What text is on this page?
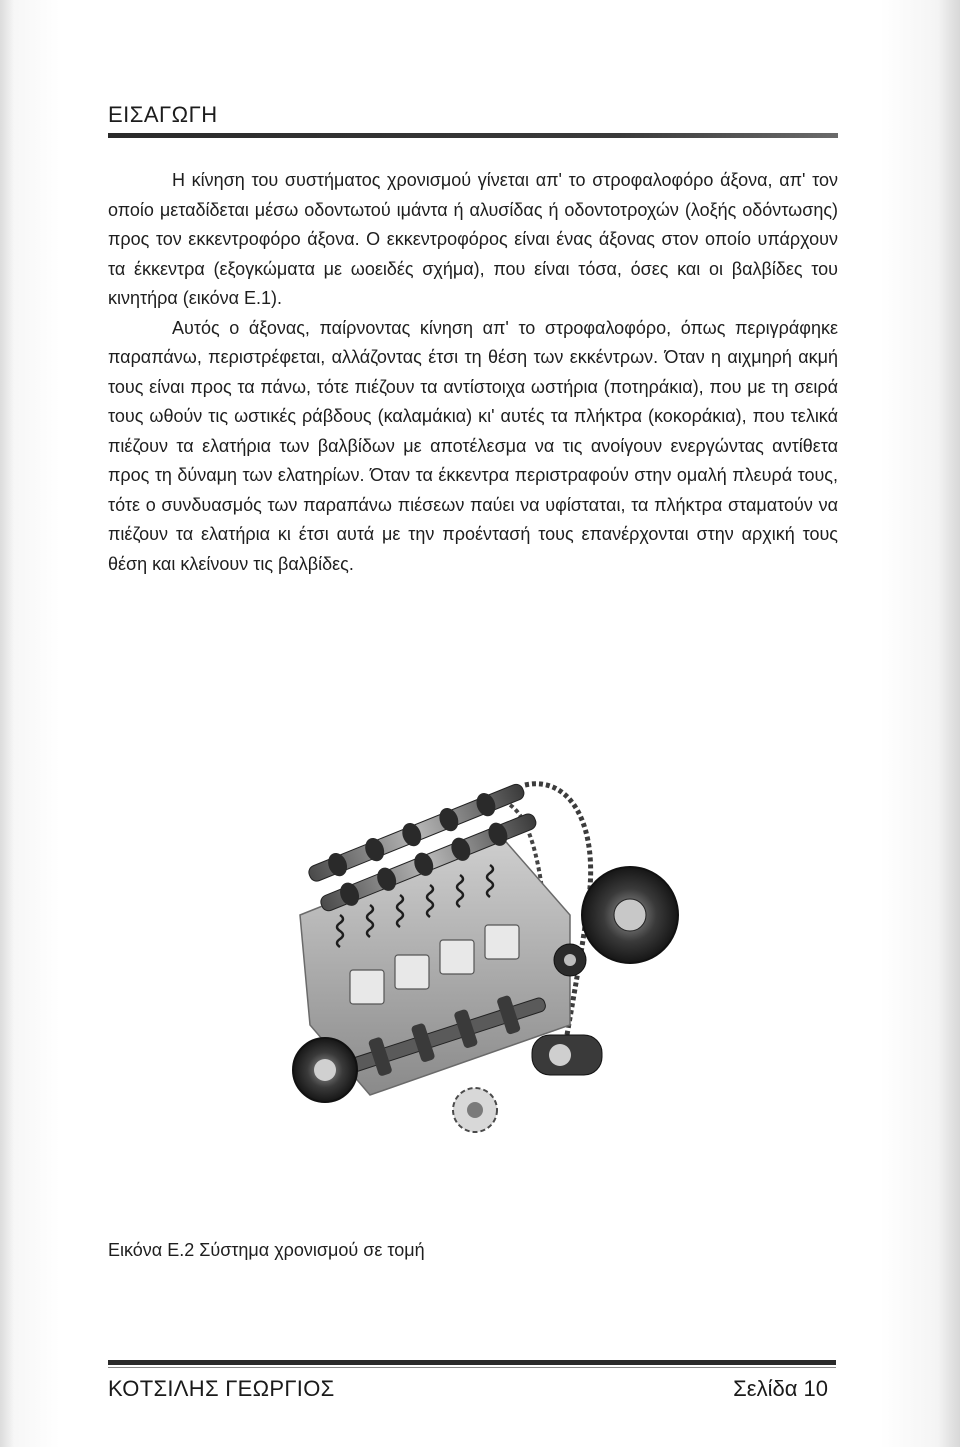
ΕΙΣΑΓΩΓΗ

Η κίνηση του συστήματος χρονισμού γίνεται απ' το στροφαλοφόρο άξονα, απ' τον οποίο μεταδίδεται μέσω οδοντωτού ιμάντα ή αλυσίδας ή οδοντοτροχών (λοξής οδόντωσης) προς τον εκκεντροφόρο άξονα. Ο εκκεντροφόρος είναι ένας άξονας στον οποίο υπάρχουν τα έκκεντρα (εξογκώματα με ωοειδές σχήμα), που είναι τόσα, όσες και οι βαλβίδες του κινητήρα (εικόνα Ε.1).

Αυτός ο άξονας, παίρνοντας κίνηση απ' το στροφαλοφόρο, όπως περιγράφηκε παραπάνω, περιστρέφεται, αλλάζοντας έτσι τη θέση των εκκέντρων. Όταν η αιχμηρή ακμή τους είναι προς τα πάνω, τότε πιέζουν τα αντίστοιχα ωστήρια (ποτηράκια), που με τη σειρά τους ωθούν τις ωστικές ράβδους (καλαμάκια) κι' αυτές τα πλήκτρα (κοκοράκια), που τελικά πιέζουν τα ελατήρια των βαλβίδων με αποτέλεσμα να τις ανοίγουν ενεργώντας αντίθετα προς τη δύναμη των ελατηρίων. Όταν τα έκκεντρα περιστραφούν στην ομαλή πλευρά τους, τότε ο συνδυασμός των παραπάνω πιέσεων παύει να υφίσταται, τα πλήκτρα σταματούν να πιέζουν τα ελατήρια κι έτσι αυτά με την προέντασή τους επανέρχονται στην αρχική τους θέση και κλείνουν τις βαλβίδες.

Εικόνα Ε.2 Σύστημα χρονισμού σε τομή
ΚΟΤΣΙΛΗΣ ΓΕΩΡΓΙΟΣ	Σελίδα 10
